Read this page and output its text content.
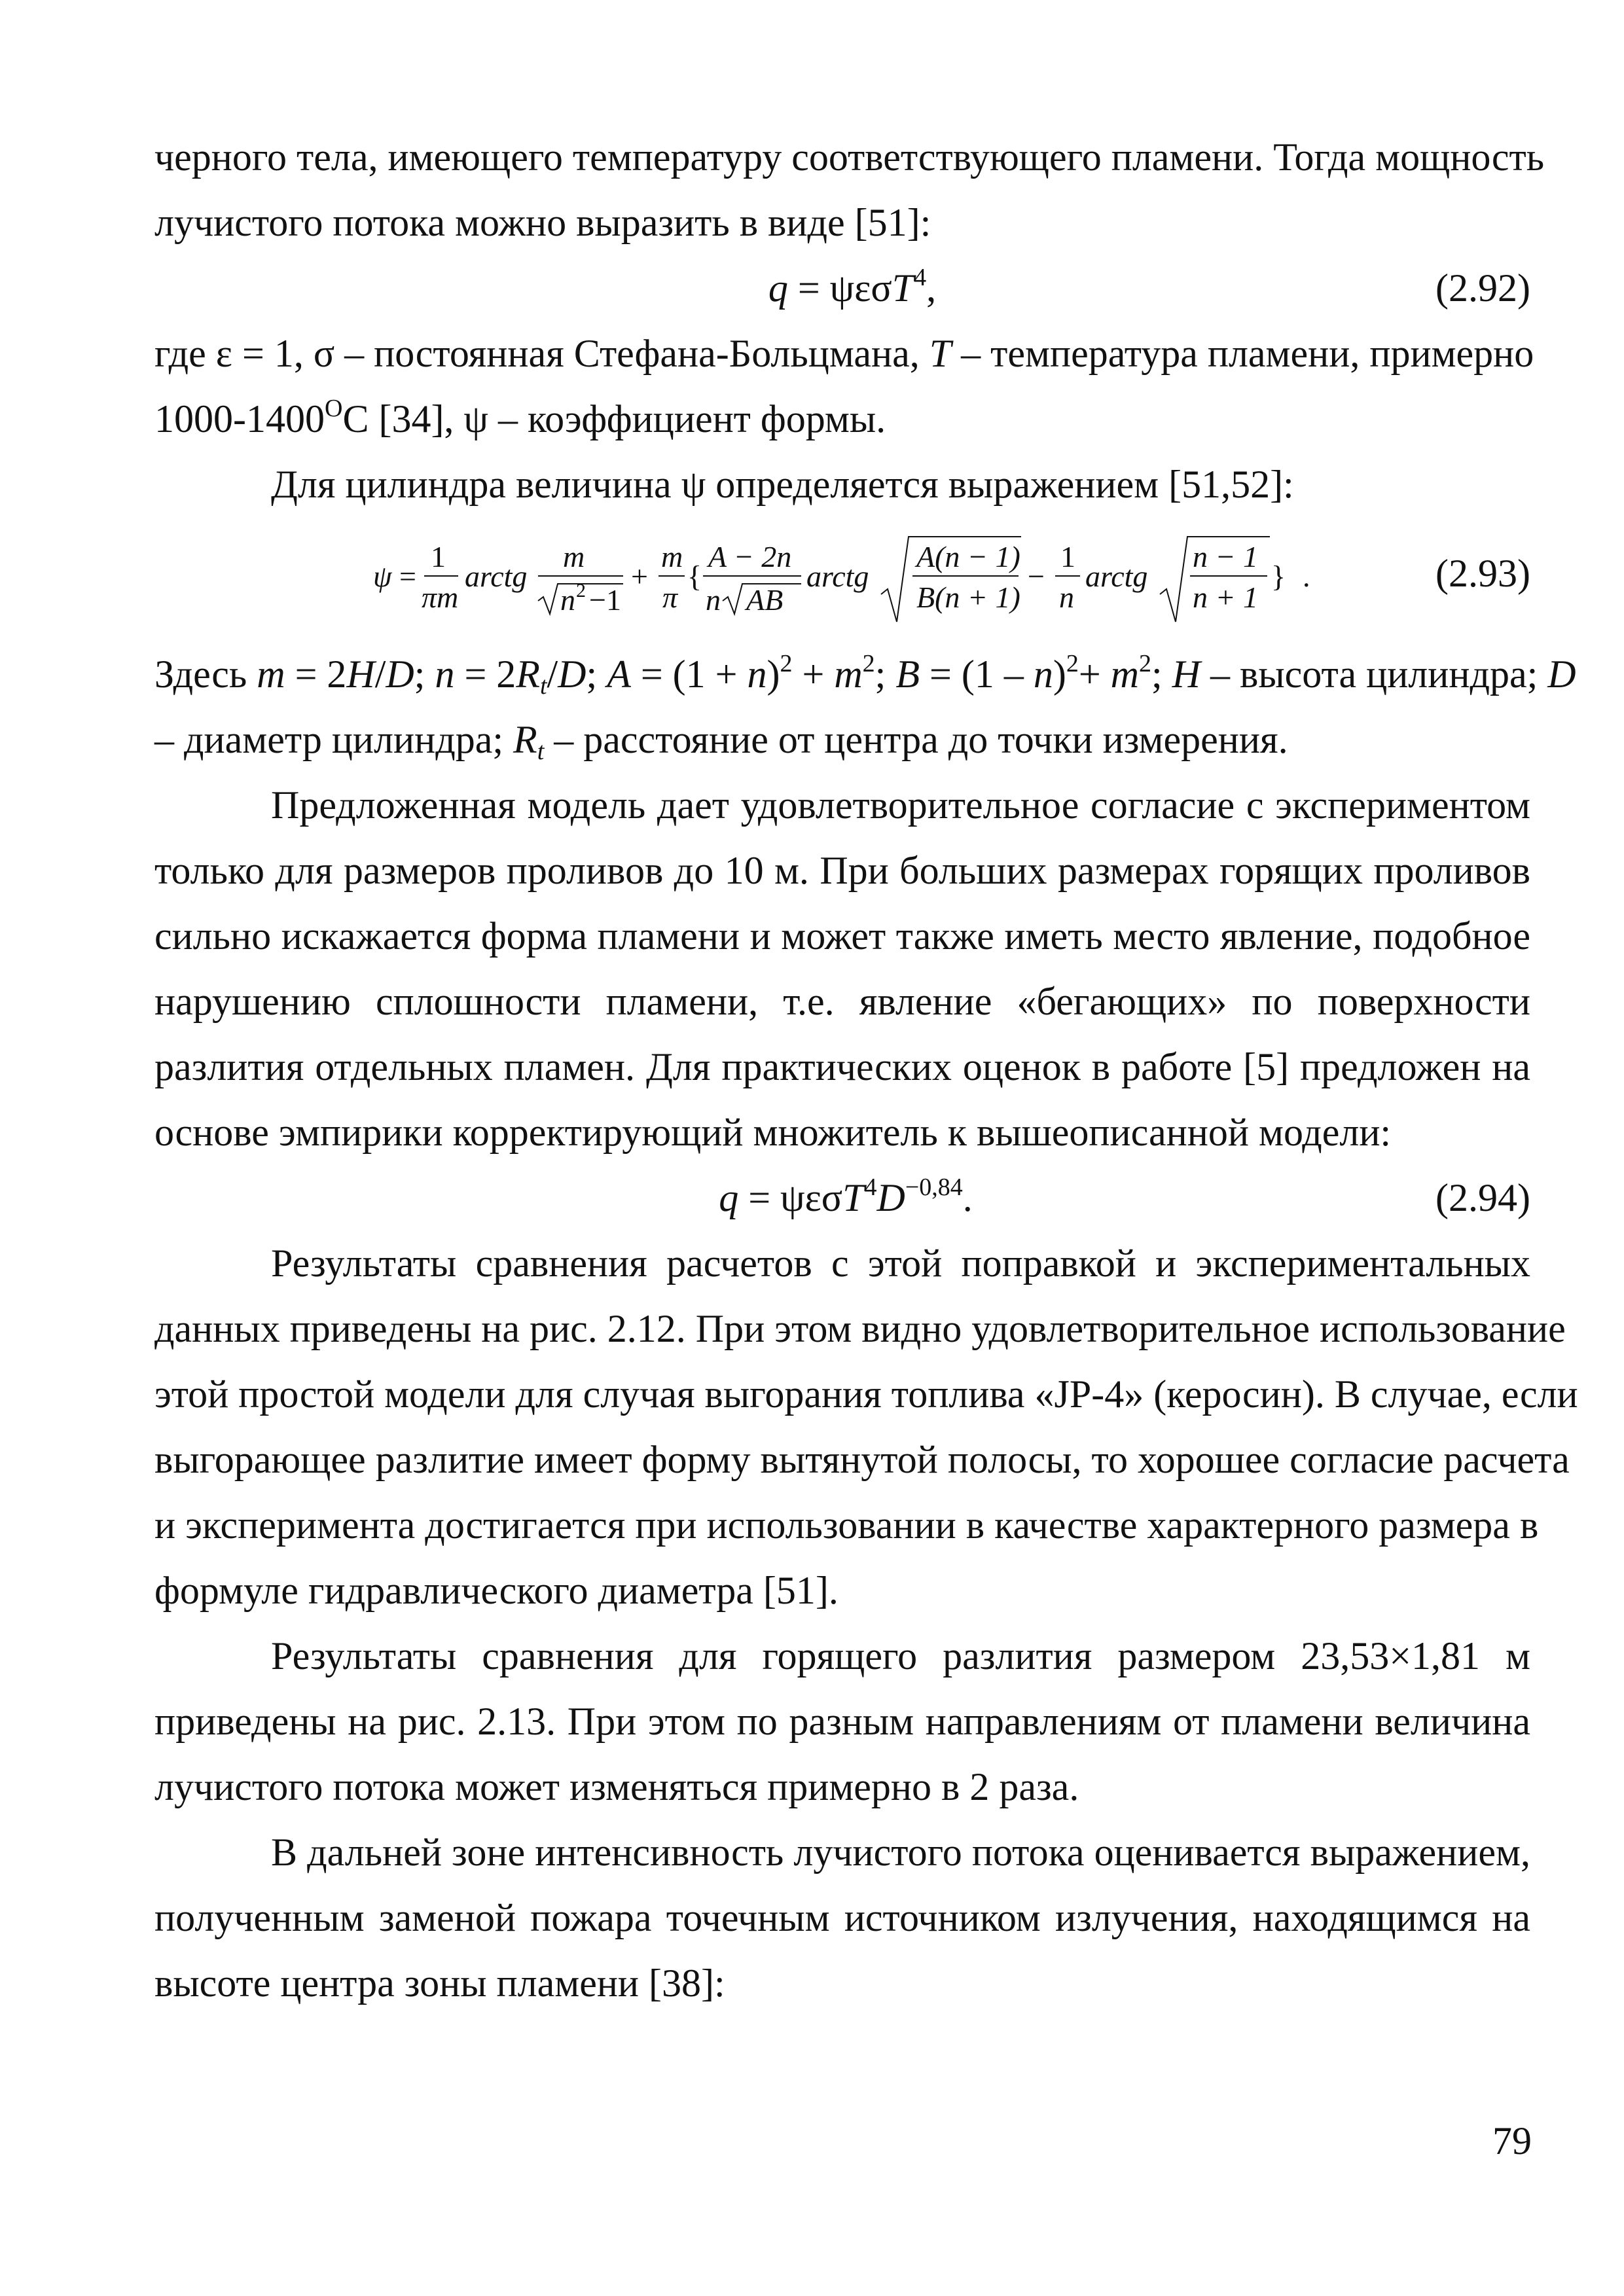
черного тела, имеющего температуру соответствующего пламени. Тогда мощность
лучистого потока можно выразить в виде [51]:
q = ψεσT$^4$,	(2.92)
где ε = 1, σ – постоянная Стефана-Больцмана, T – температура пламени, примерно
$1000-1400^OC$ [34], ψ – коэффициент формы.
Для цилиндра величина ψ определяется выражением [51,52]:
ψ =
1
πm
arctg
m
n 2 −1
+
m
π
{
A − 2n
n AB
arctg
A(n − 1)
B(n + 1)
−
1
n
arctg
n − 1
n + 1
} .	(2.93)
Здесь m = 2H/D; $n = 2R_t/D$; $A = (1 + n)^2 + m^2$; $B = (1 - n)^2+ m^2$; H – высота цилиндра; D
– диаметр цилиндра; $R_t$ – расстояние от центра до точки измерения.
Предложенная модель дает удовлетворительное согласие с экспериментом
только для размеров проливов до 10 м. При больших размерах горящих проливов
сильно искажается форма пламени и может также иметь место явление, подобное
нарушению сплошности пламени, т.е. явление «бегающих» по поверхности
разлития отдельных пламен. Для практических оценок в работе [5] предложен на
основе эмпирики корректирующий множитель к вышеописанной модели:
$q = \psi\varepsilon\sigma T^4D^{-0,84}$.	(2.94)
Результаты сравнения расчетов с этой поправкой и экспериментальных
данных приведены на рис. 2.12. При этом видно удовлетворительное использование
этой простой модели для случая выгорания топлива «JP-4» (керосин). В случае, если
выгорающее разлитие имеет форму вытянутой полосы, то хорошее согласие расчета
и эксперимента достигается при использовании в качестве характерного размера в
формуле гидравлического диаметра [51].
Результаты сравнения для горящего разлития размером 23,53×1,81 м
приведены на рис. 2.13. При этом по разным направлениям от пламени величина
лучистого потока может изменяться примерно в 2 раза.
В дальней зоне интенсивность лучистого потока оценивается выражением,
полученным заменой пожара точечным источником излучения, находящимся на
высоте центра зоны пламени [38]:
79
